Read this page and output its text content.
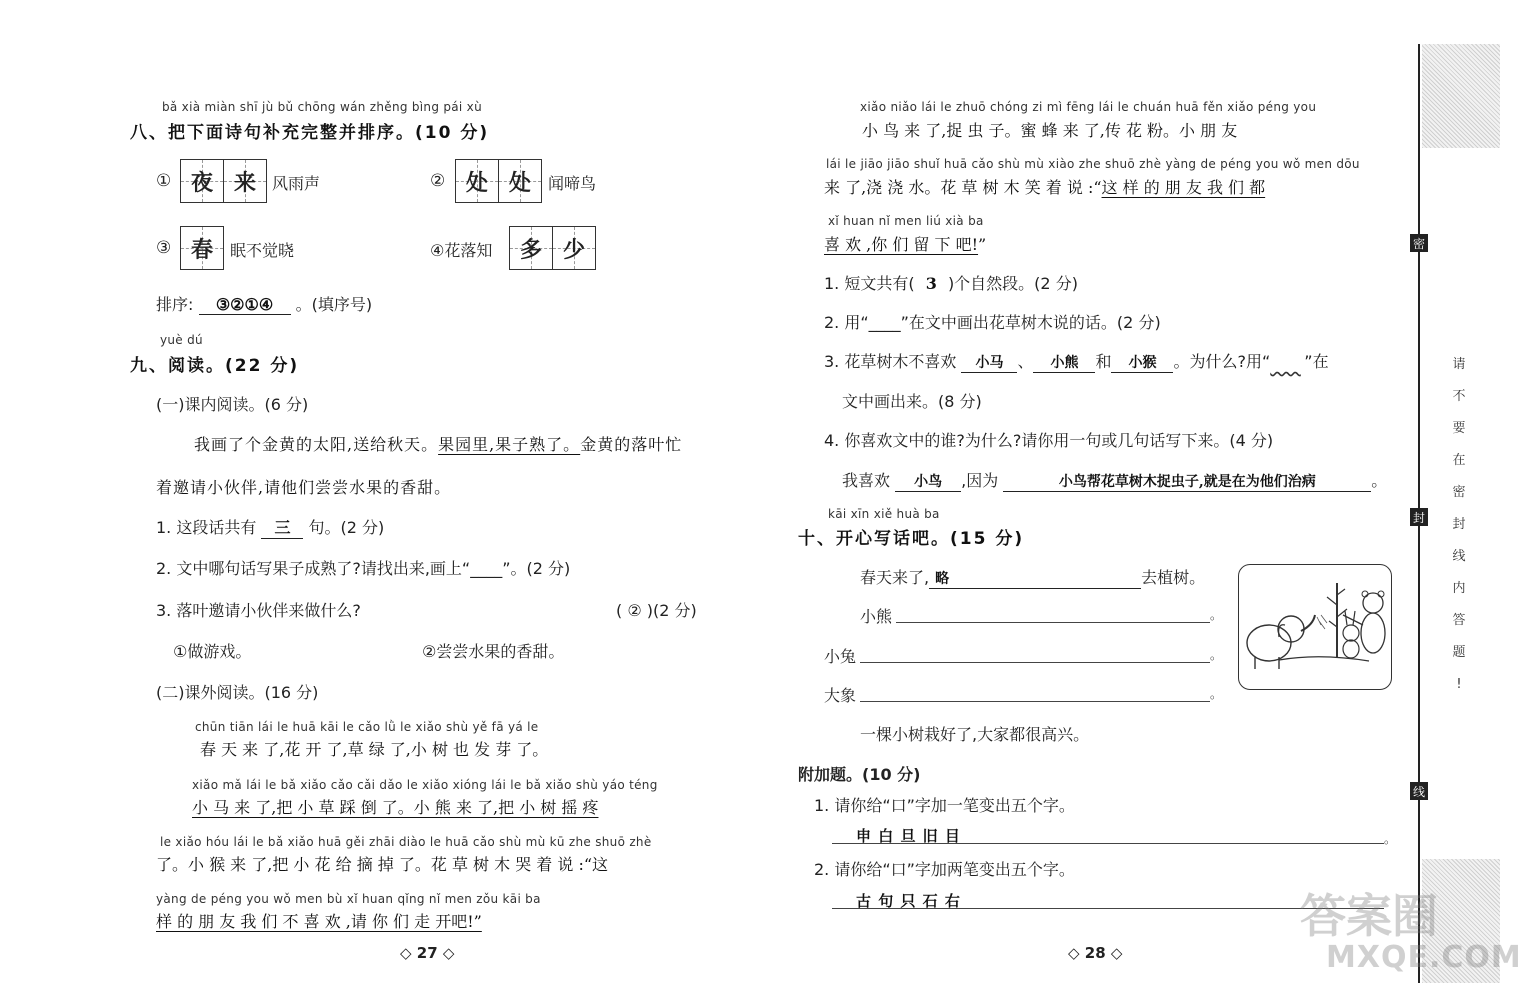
bǎ xià miàn shī jù bǔ chōng wán zhěng bìng pái xù
八、把下面诗句补充完整并排序。(10 分)
① 夜 来 风雨声	② 处 处 闻啼鸟
③ 春 眠不觉晓	④花落知 多 少
排序: ③②①④ 。(填序号)
yuè dú
九、阅读。(22 分)
(一)课内阅读。(6 分)
我画了个金黄的太阳,送给秋天。果园里,果子熟了。金黄的落叶忙
着邀请小伙伴,请他们尝尝水果的香甜。
1. 这段话共有 三 句。(2 分)
2. 文中哪句话写果子成熟了?请找出来,画上“____”。(2 分)
3. 落叶邀请小伙伴来做什么?	( ② )(2 分)
①做游戏。	②尝尝水果的香甜。
(二)课外阅读。(16 分)
chūn tiān lái le huā kāi le cǎo lǜ le xiǎo shù yě fā yá le
春 天 来 了,花 开 了,草 绿 了,小 树 也 发 芽 了。
xiǎo mǎ lái le bǎ xiǎo cǎo cǎi dǎo le xiǎo xióng lái le bǎ xiǎo shù yáo téng
小 马 来 了,把 小 草 踩 倒 了。小 熊 来 了,把 小 树 摇 疼
le xiǎo hóu lái le bǎ xiǎo huā gěi zhāi diào le huā cǎo shù mù kū zhe shuō zhè
了。小 猴 来 了,把 小 花 给 摘 掉 了。花 草 树 木 哭 着 说 :“这
yàng de péng you wǒ men bù xǐ huan qǐng nǐ men zǒu kāi ba
样 的 朋 友 我 们 不 喜 欢 ,请 你 们 走 开吧!”
◇ 27 ◇
xiǎo niǎo lái le zhuō chóng zi mì fēng lái le chuán huā fěn xiǎo péng you
小 鸟 来 了,捉 虫 子。蜜 蜂 来 了,传 花 粉。小 朋 友
lái le jiāo jiāo shuǐ huā cǎo shù mù xiào zhe shuō zhè yàng de péng you wǒ men dōu
来 了,浇 浇 水。花 草 树 木 笑 着 说 :“这 样 的 朋 友 我 们 都
xǐ huan nǐ men liú xià ba
喜 欢 ,你 们 留 下 吧!”
1. 短文共有( 3 )个自然段。(2 分)
2. 用“____”在文中画出花草树木说的话。(2 分)
3. 花草树木不喜欢 小马 、 小熊 和 小猴 。为什么?用“ ”在
文中画出来。(8 分)
4. 你喜欢文中的谁?为什么?请你用一句或几句话写下来。(4 分)
我喜欢 小鸟 ,因为	小鸟帮花草树木捉虫子,就是在为他们治病	。
kāi xīn xiě huà ba
十、开心写话吧。(15 分)
春天来了, 略	去植树。
小熊	。
小兔	。
大象	。
一棵小树栽好了,大家都很高兴。
附加题。(10 分)
1. 请你给“口”字加一笔变出五个字。
申 白 旦 旧 目	。
2. 请你给“口”字加两笔变出五个字。
古 句 只 石 右
◇ 28 ◇
密
封
线
请
不
要
在
密
封
线
内
答
题
!
答案圈
MXQE.COM
